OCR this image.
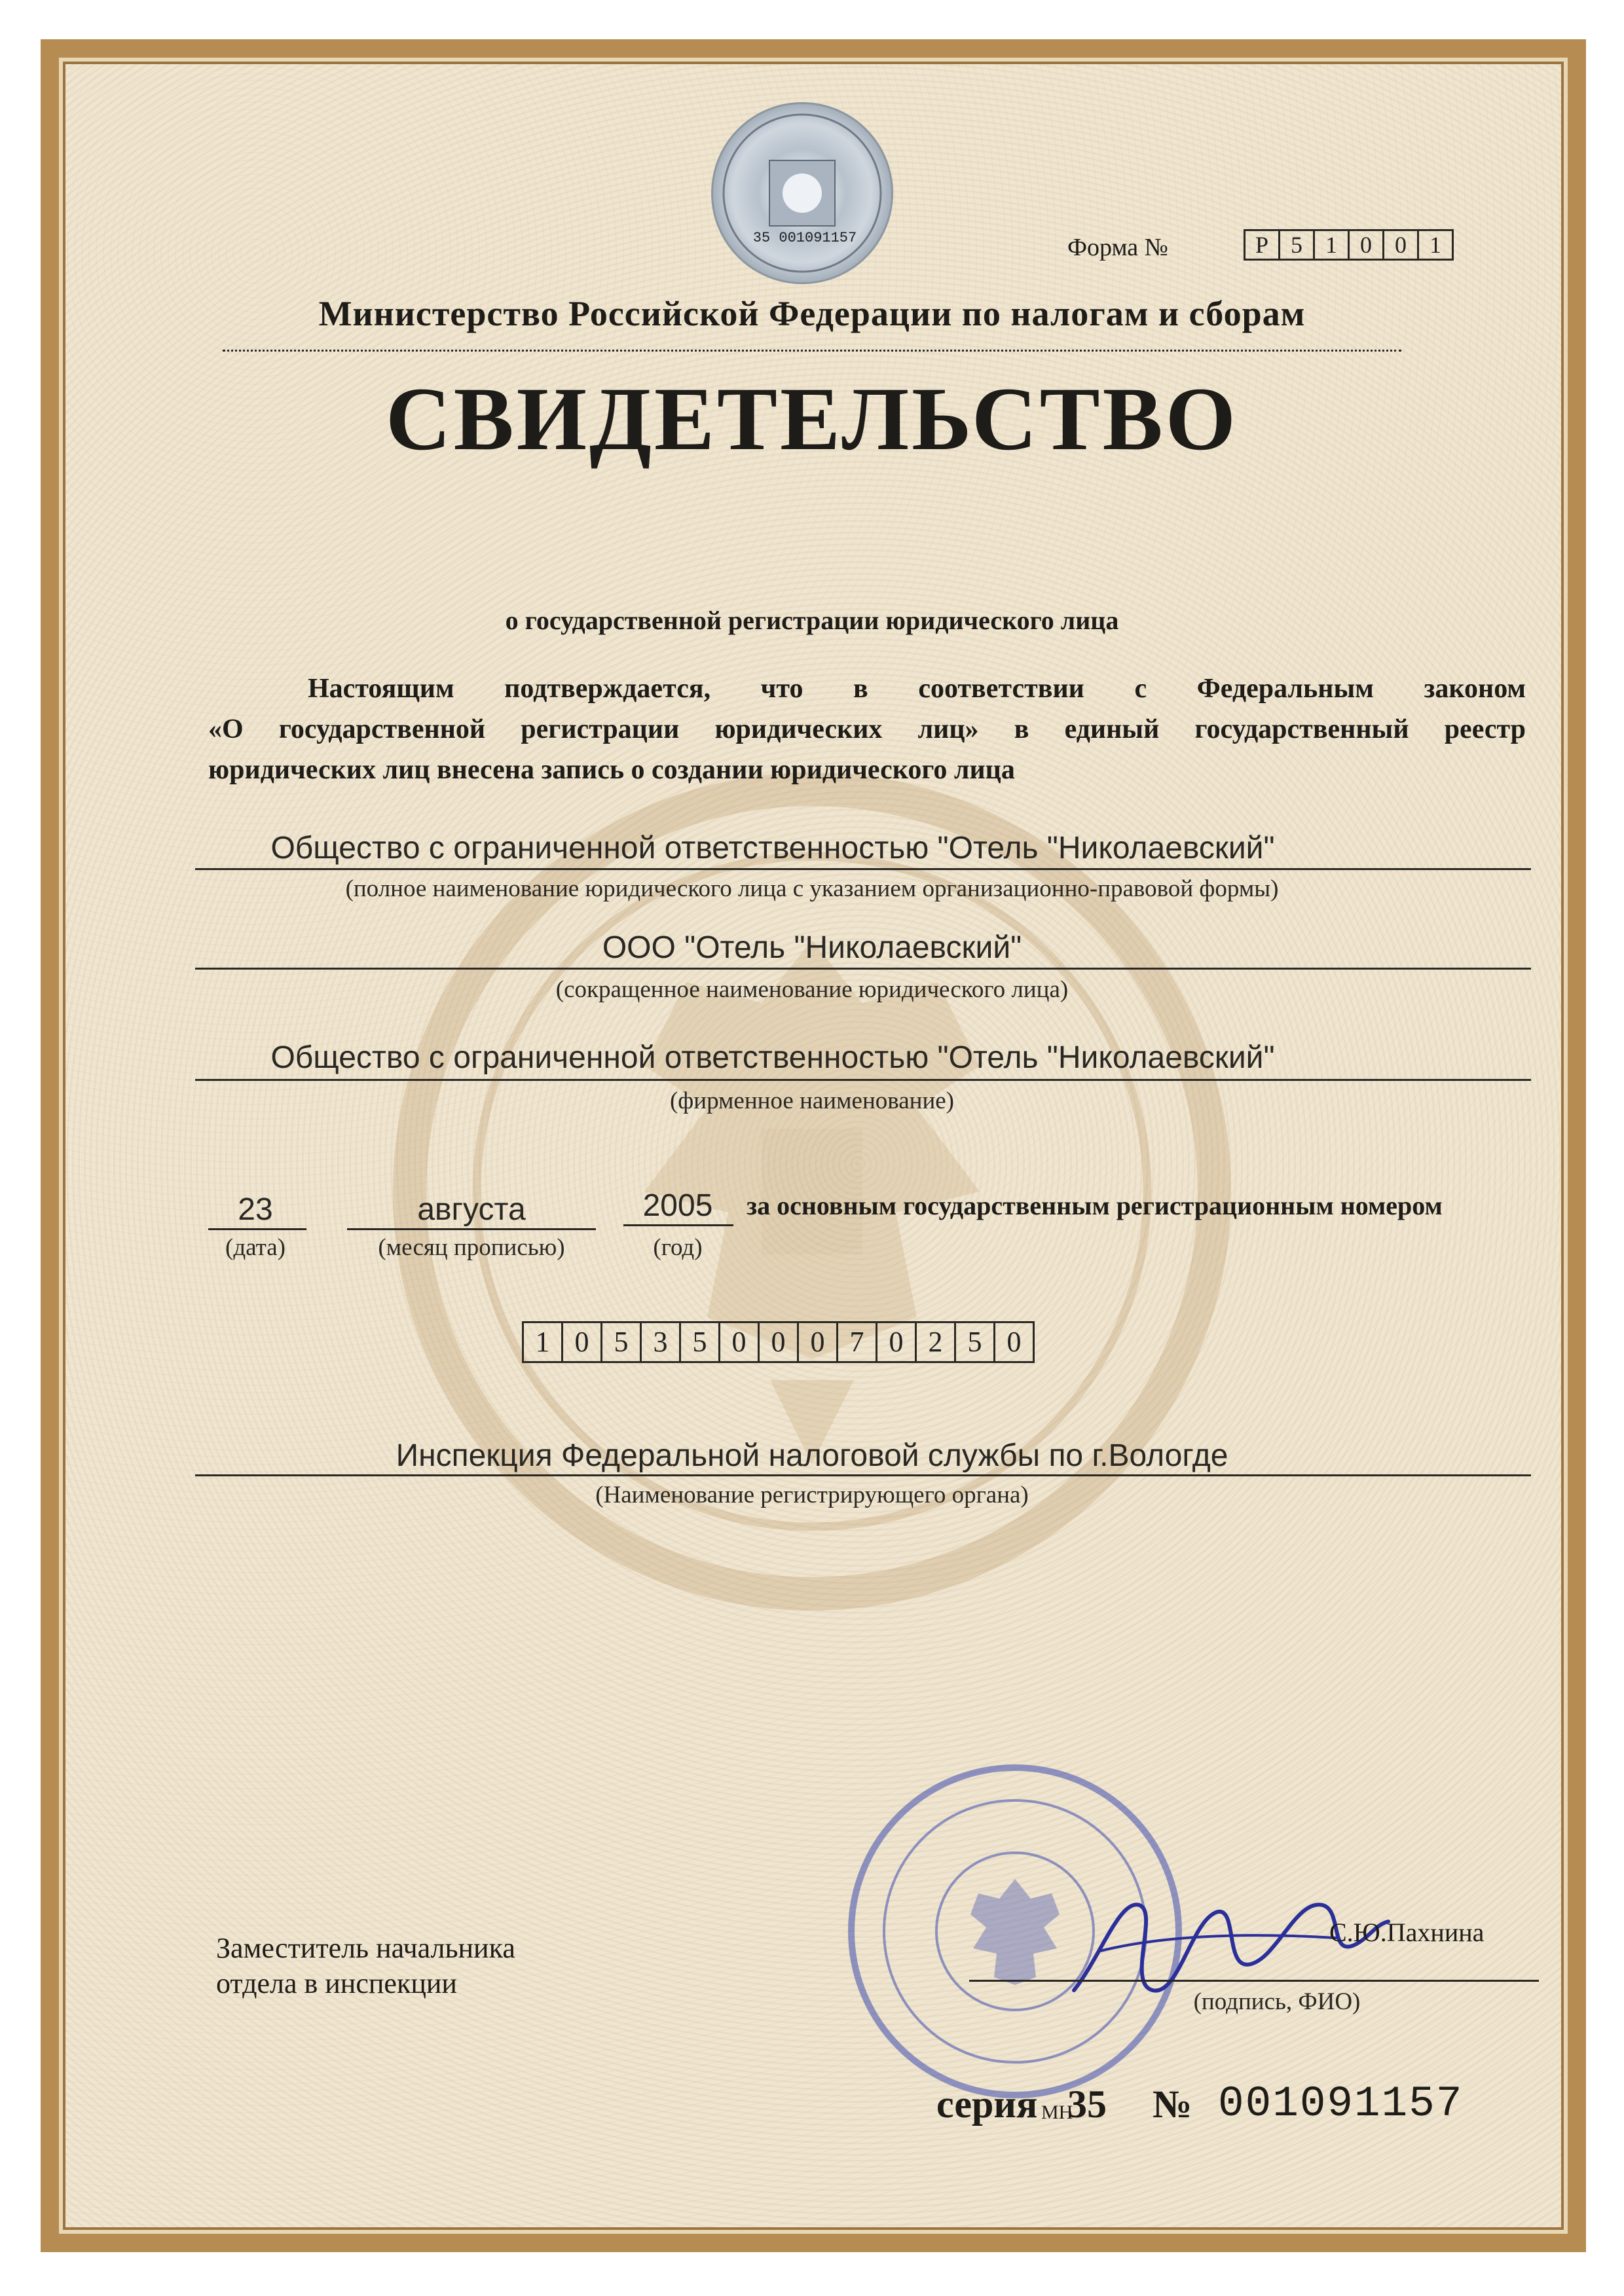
35 001091157	Форма №	Р 5 1 0 0 1
Министерство Российской Федерации по налогам и сборам
СВИДЕТЕЛЬСТВО
о государственной регистрации юридического лица
Настоящим подтверждается, что в соответствии с Федеральным законом
«О государственной регистрации юридических лиц» в единый государственный реестр
юридических лиц внесена запись о создании юридического лица
Общество с ограниченной ответственностью "Отель "Николаевский"
(полное наименование юридического лица с указанием организационно-правовой формы)
ООО "Отель "Николаевский"
(сокращенное наименование юридического лица)
Общество с ограниченной ответственностью "Отель "Николаевский"
(фирменное наименование)
23
(дата)
августа
(месяц прописью)
2005
(год)
за основным государственным регистрационным номером
1 0 5 3 5 0 0 0 7 0 2 5 0
Инспекция Федеральной налоговой службы по г.Вологде
(Наименование регистрирующего органа)
Заместитель начальника
отдела в инспекции
С.Ю.Пахнина
(подпись, ФИО)
серия 35
МН № 001091157
